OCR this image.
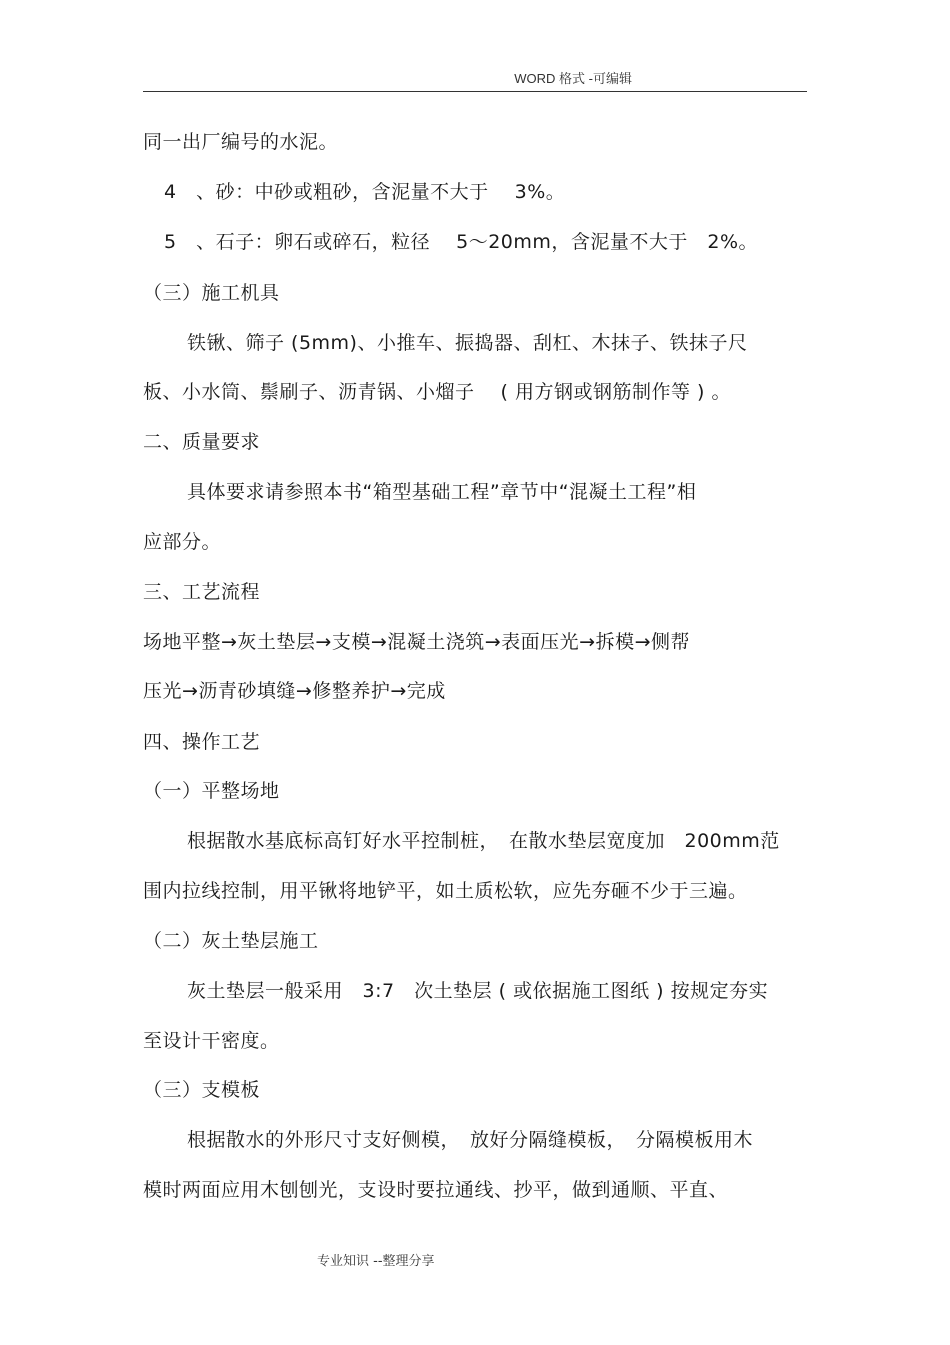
WORD 格式 -可编辑
同一出厂编号的水泥。
4　、砂：中砂或粗砂，含泥量不大于　 3%。
5　、石子：卵石或碎石，粒径　 5～20mm，含泥量不大于　2%。
（三）施工机具
铁锹、筛子 (5mm)、小推车、振捣器、刮杠、木抹子、铁抹子尺
板、小水筒、鬃刷子、沥青锅、小熘子　 ( 用方钢或钢筋制作等 ) 。
二、质量要求
具体要求请参照本书“箱型基础工程”章节中“混凝土工程”相
应部分。
三、工艺流程
场地平整→灰土垫层→支模→混凝土浇筑→表面压光→拆模→侧帮
压光→沥青砂填缝→修整养护→完成
四、操作工艺
（一）平整场地
根据散水基底标高钉好水平控制桩，　在散水垫层宽度加　200mm范
围内拉线控制，用平锹将地铲平，如土质松软，应先夯砸不少于三遍。
（二）灰土垫层施工
灰土垫层一般采用　3:7　次土垫层 ( 或依据施工图纸 ) 按规定夯实
至设计干密度。
（三）支模板
根据散水的外形尺寸支好侧模，　放好分隔缝模板，　分隔模板用木
模时两面应用木刨刨光，支设时要拉通线、抄平，做到通顺、平直、
专业知识 --整理分享
